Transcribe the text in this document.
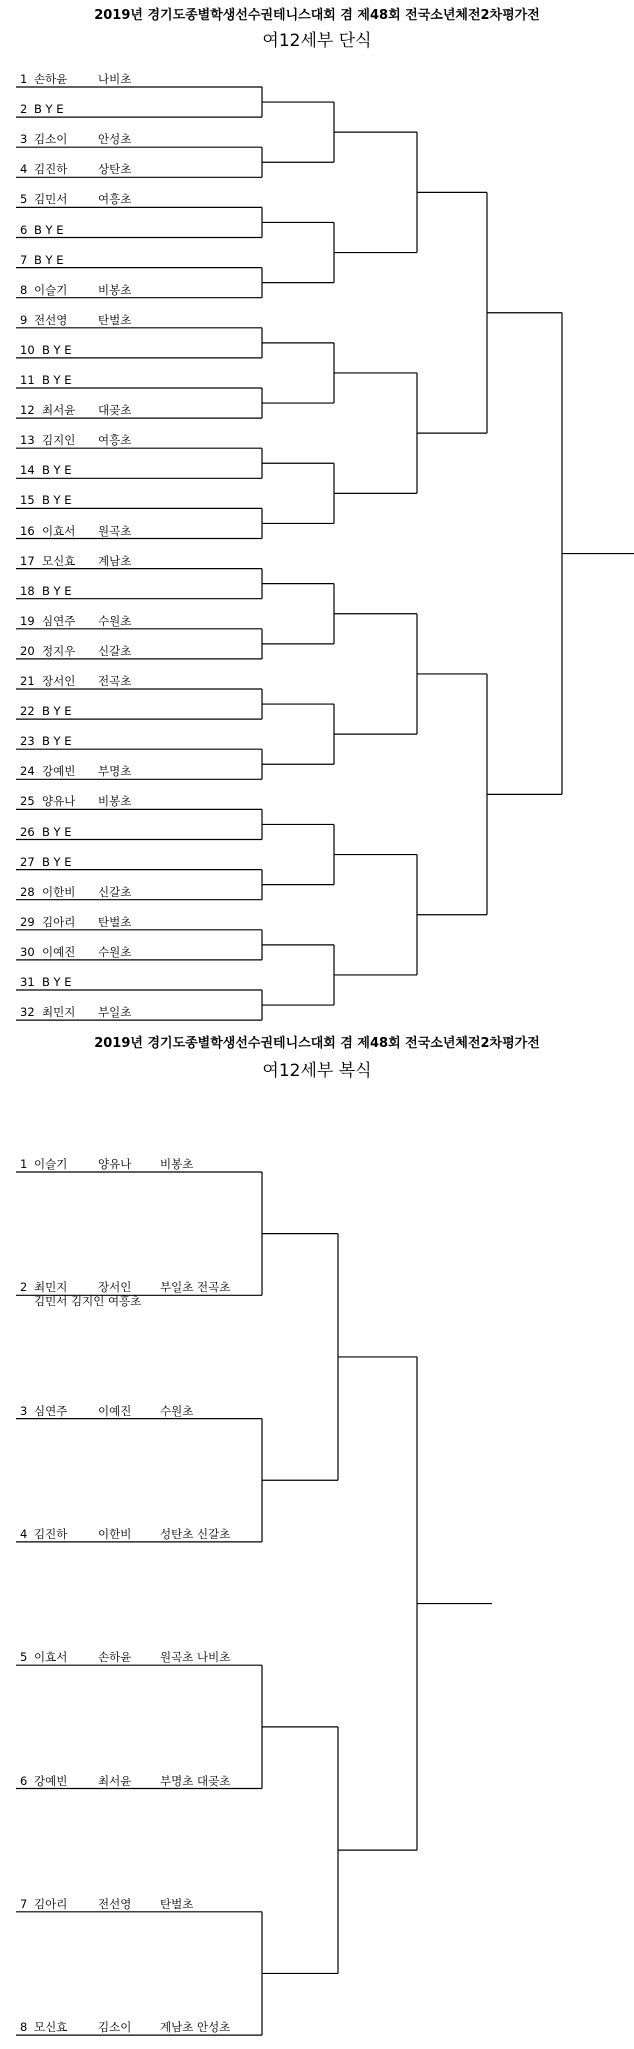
2019년 경기도종별학생선수권테니스대회 겸 제48회 전국소년체전2차평가전
여12세부 단식
1 손하윤	나비초
2 B Y E
3 김소이	안성초
4 김진하	상탄초
5 김민서	여흥초
6 B Y E
7 B Y E
8 이슬기	비봉초
9 전선영	탄벌초
10 B Y E
11 B Y E
12 최서윤 대곶초
13 김지인 여흥초
14 B Y E
15 B Y E
16 이효서 원곡초
17 모신효 계남초
18 B Y E
19 심연주 수원초
20 정지우 신갈초
21 장서인 전곡초
22 B Y E
23 B Y E
24 강예빈 부명초
25 양유나 비봉초
26 B Y E
27 B Y E
28 이한비 신갈초
29 김아리 탄벌초
30 이예진 수원초
31 B Y E
32 최민지 부일초
2019년 경기도종별학생선수권테니스대회 겸 제48회 전국소년체전2차평가전
여12세부 복식
1 이슬기	양유나 비봉초
2 최민지	장서인 부일초 전곡초
김민서 김지인 여흥초
3 심연주	이예진 수원초
4 김진하	이한비 성탄초 신갈초
5 이효서	손하윤 원곡초 나비초
6 강예빈	최서윤 부명초 대곶초
7 김아리	전선영 탄벌초
8 모신효	김소이 계남초 안성초
